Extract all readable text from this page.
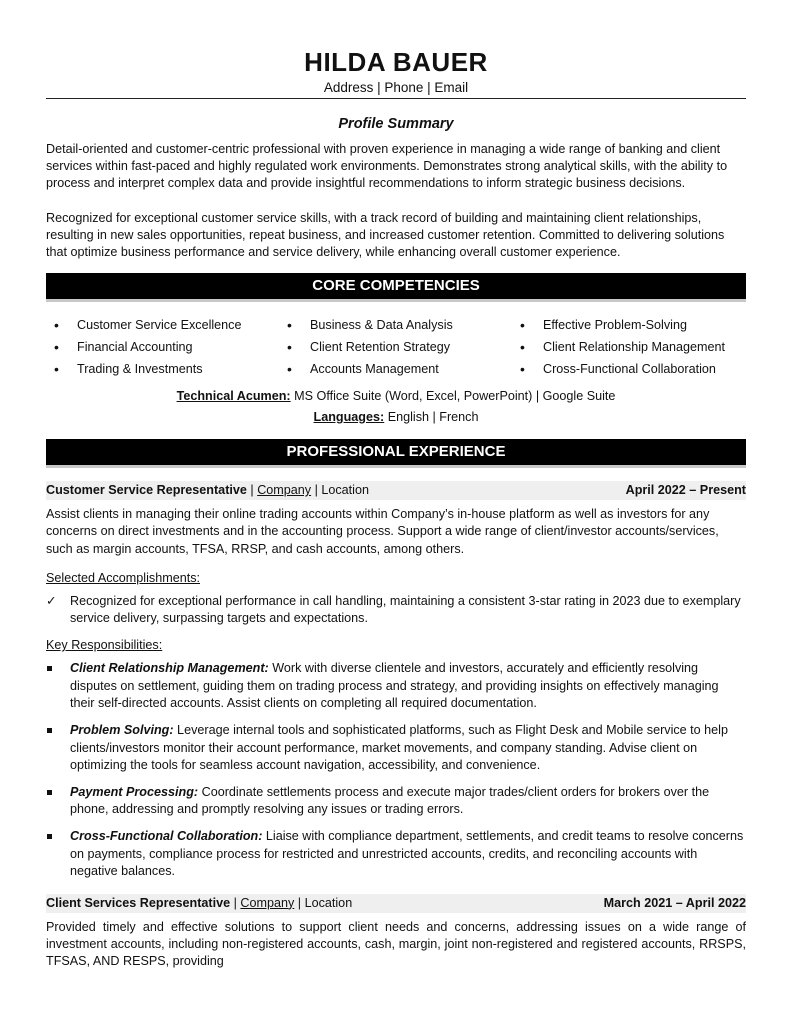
HILDA BAUER
Address | Phone | Email
Profile Summary
Detail-oriented and customer-centric professional with proven experience in managing a wide range of banking and client services within fast-paced and highly regulated work environments. Demonstrates strong analytical skills, with the ability to process and interpret complex data and provide insightful recommendations to inform strategic business decisions.
Recognized for exceptional customer service skills, with a track record of building and maintaining client relationships, resulting in new sales opportunities, repeat business, and increased customer retention. Committed to delivering solutions that optimize business performance and service delivery, while enhancing overall customer experience.
CORE COMPETENCIES
• Customer Service Excellence
• Financial Accounting
• Trading & Investments
• Business & Data Analysis
• Client Retention Strategy
• Accounts Management
• Effective Problem-Solving
• Client Relationship Management
• Cross-Functional Collaboration
Technical Acumen: MS Office Suite (Word, Excel, PowerPoint) | Google Suite
Languages: English | French
PROFESSIONAL EXPERIENCE
Customer Service Representative | Company | Location	April 2022 – Present
Assist clients in managing their online trading accounts within Company’s in-house platform as well as investors for any concerns on direct investments and in the accounting process. Support a wide range of client/investor accounts/services, such as margin accounts, TFSA, RRSP, and cash accounts, among others.
Selected Accomplishments:
✓ Recognized for exceptional performance in call handling, maintaining a consistent 3-star rating in 2023 due to exemplary service delivery, surpassing targets and expectations.
Key Responsibilities:
Client Relationship Management: Work with diverse clientele and investors, accurately and efficiently resolving disputes on settlement, guiding them on trading process and strategy, and providing insights on effectively managing their self-directed accounts. Assist clients on completing all required documentation.
Problem Solving: Leverage internal tools and sophisticated platforms, such as Flight Desk and Mobile service to help clients/investors monitor their account performance, market movements, and company standing. Advise client on optimizing the tools for seamless account navigation, accessibility, and convenience.
Payment Processing: Coordinate settlements process and execute major trades/client orders for brokers over the phone, addressing and promptly resolving any issues or trading errors.
Cross-Functional Collaboration: Liaise with compliance department, settlements, and credit teams to resolve concerns on payments, compliance process for restricted and unrestricted accounts, credits, and reconciling accounts with negative balances.
Client Services Representative | Company | Location	March 2021 – April 2022
Provided timely and effective solutions to support client needs and concerns, addressing issues on a wide range of investment accounts, including non-registered accounts, cash, margin, joint non-registered and registered accounts, RRSPS, TFSAS, AND RESPS, providing
